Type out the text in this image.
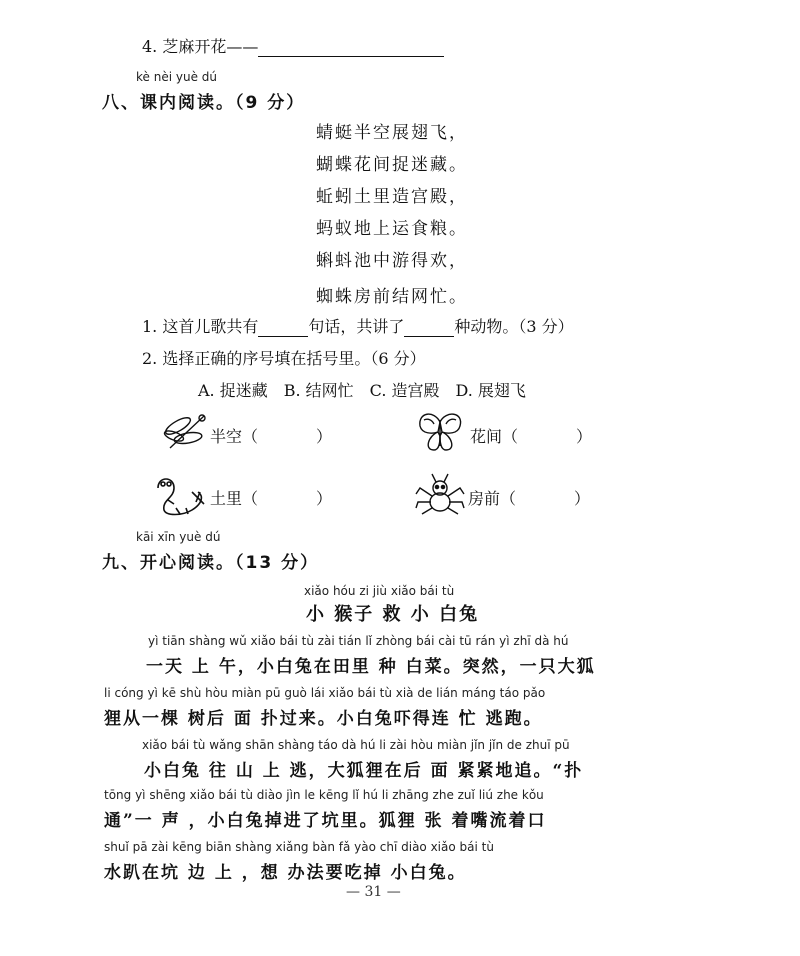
4. 芝麻开花——
kè nèi yuè dú
八、课内阅读。（9 分）
蜻蜓半空展翅飞，
蝴蝶花间捉迷藏。
蚯蚓土里造宫殿，
蚂蚁地上运食粮。
蝌蚪池中游得欢，
蜘蛛房前结网忙。
1. 这首儿歌共有	句话，共讲了	种动物。（3 分）
2. 选择正确的序号填在括号里。（6 分）
A. 捉迷藏　B. 结网忙　C. 造宫殿　D. 展翅飞
半空（	）	花间（	）
土里（	）	房前（	）
kāi xīn yuè dú
九、开心阅读。（13 分）
xiǎo hóu zi jiù xiǎo bái tù
小 猴子 救 小 白兔
yì tiān shàng wǔ xiǎo bái tù zài tián lǐ zhòng bái cài tū rán yì zhī dà hú
一天 上 午，小白兔在田里 种 白菜。突然，一只大狐
li cóng yì kē shù hòu miàn pū guò lái xiǎo bái tù xià de lián máng táo pǎo
狸从一棵 树后 面 扑过来。小白兔吓得连 忙 逃跑。
xiǎo bái tù wǎng shān shàng táo dà hú li zài hòu miàn jǐn jǐn de zhuī pū
小白兔 往 山 上 逃，大狐狸在后 面 紧紧地追。“扑
tōng yì shēng xiǎo bái tù diào jìn le kēng lǐ hú li zhāng zhe zuǐ liú zhe kǒu
通”一 声 ，小白兔掉进了坑里。狐狸 张 着嘴流着口
shuǐ pā zài kēng biān shàng xiǎng bàn fǎ yào chī diào xiǎo bái tù
水趴在坑 边 上 ，想 办法要吃掉 小白兔。
— 31 —
